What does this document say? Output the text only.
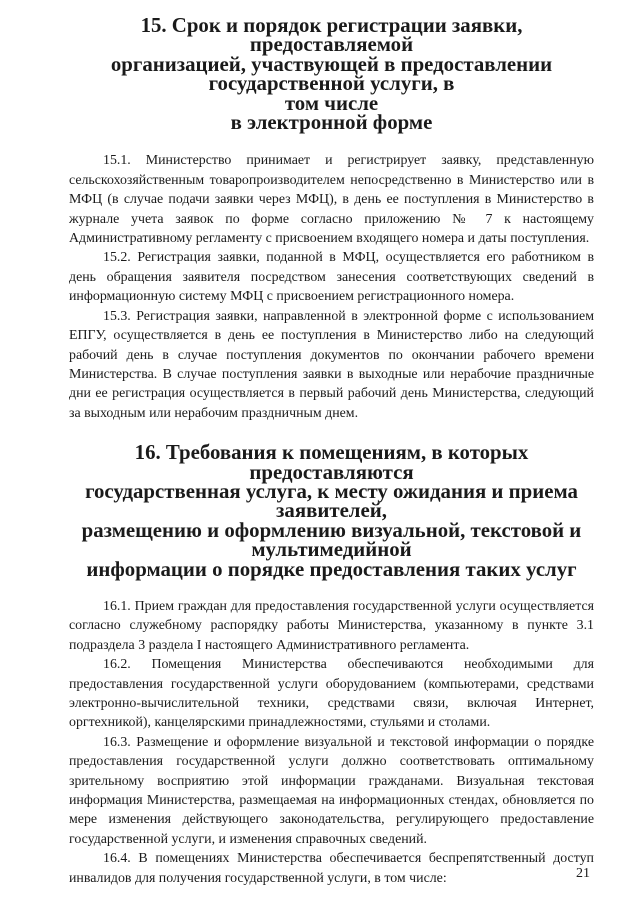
15. Срок и порядок регистрации заявки, предоставляемой
организацией, участвующей в предоставлении государственной услуги, в
том числе
в электронной форме

15.1. Министерство принимает и регистрирует заявку, представленную сельскохозяйственным товаропроизводителем непосредственно в Министерство или в МФЦ (в случае подачи заявки через МФЦ), в день ее поступления в Министерство в журнале учета заявок по форме согласно приложению № 7 к настоящему Административному регламенту с присвоением входящего номера и даты поступления.

15.2. Регистрация заявки, поданной в МФЦ, осуществляется его работником в день обращения заявителя посредством занесения соответствующих сведений в информационную систему МФЦ с присвоением регистрационного номера.

15.3. Регистрация заявки, направленной в электронной форме с использованием ЕПГУ, осуществляется в день ее поступления в Министерство либо на следующий рабочий день в случае поступления документов по окончании рабочего времени Министерства. В случае поступления заявки в выходные или нерабочие праздничные дни ее регистрация осуществляется в первый рабочий день Министерства, следующий за выходным или нерабочим праздничным днем.

16. Требования к помещениям, в которых предоставляются
государственная услуга, к месту ожидания и приема заявителей,
размещению и оформлению визуальной, текстовой и мультимедийной
информации о порядке предоставления таких услуг

16.1. Прием граждан для предоставления государственной услуги осуществляется согласно служебному распорядку работы Министерства, указанному в пункте 3.1 подраздела 3 раздела I настоящего Административного регламента.

16.2. Помещения Министерства обеспечиваются необходимыми для предоставления государственной услуги оборудованием (компьютерами, средствами электронно-вычислительной техники, средствами связи, включая Интернет, оргтехникой), канцелярскими принадлежностями, стульями и столами.

16.3. Размещение и оформление визуальной и текстовой информации о порядке предоставления государственной услуги должно соответствовать оптимальному зрительному восприятию этой информации гражданами. Визуальная текстовая информация Министерства, размещаемая на информационных стендах, обновляется по мере изменения действующего законодательства, регулирующего предоставление государственной услуги, и изменения справочных сведений.

16.4. В помещениях Министерства обеспечивается беспрепятственный доступ инвалидов для получения государственной услуги, в том числе:	21
